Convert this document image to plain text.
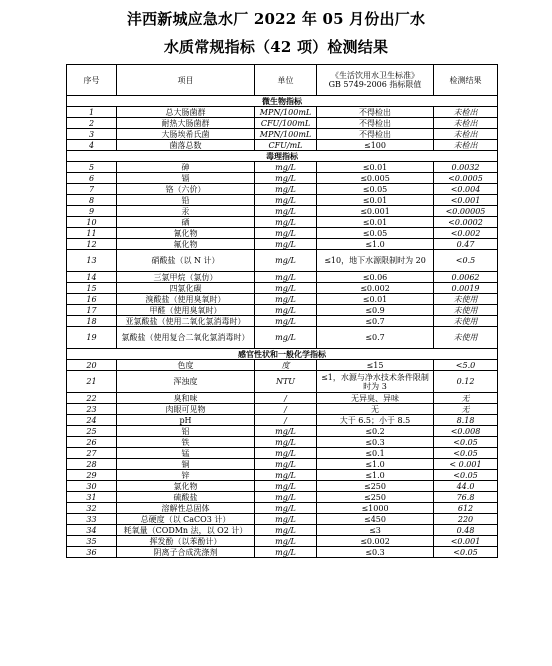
沣西新城应急水厂 2022 年 05 月份出厂水
水质常规指标（42 项）检测结果
序号	项目	单位	《生活饮用水卫生标准》
GB 5749-2006 指标限值	检测结果
微生物指标				
1	总大肠菌群	MPN/100mL	不得检出	未检出
2	耐热大肠菌群	CFU/100mL	不得检出	未检出
3	大肠埃希氏菌	MPN/100mL	不得检出	未检出
4	菌落总数	CFU/mL	≤100	未检出
毒理指标				
5	砷	mg/L	≤0.01	0.0032
6	镉	mg/L	≤0.005	<0.0005
7	铬（六价）	mg/L	≤0.05	<0.004
8	铅	mg/L	≤0.01	<0.001
9	汞	mg/L	≤0.001	<0.00005
10	硒	mg/L	≤0.01	<0.0002
11	氰化物	mg/L	≤0.05	<0.002
12	氟化物	mg/L	≤1.0	0.47
13	硝酸盐（以 N 计）	mg/L	≤10，地下水源限制时为 20	<0.5
14	三氯甲烷（氯仿）	mg/L	≤0.06	0.0062
15	四氯化碳	mg/L	≤0.002	0.0019
16	溴酸盐（使用臭氧时）	mg/L	≤0.01	未使用
17	甲醛（使用臭氧时）	mg/L	≤0.9	未使用
18	亚氯酸盐（使用二氧化氯消毒时）	mg/L	≤0.7	未使用
19	氯酸盐（使用复合二氧化氯消毒时）	mg/L	≤0.7	未使用
感官性状和一般化学指标				
20	色度	度	≤15	<5.0
21	浑浊度	NTU	≤1，水源与净水技术条件限制时为 3	0.12
22	臭和味	/	无异臭、异味	无
23	肉眼可见物	/	无	无
24	pH	/	大于 6.5；小于 8.5	8.18
25	铝	mg/L	≤0.2	<0.008
26	铁	mg/L	≤0.3	<0.05
27	锰	mg/L	≤0.1	<0.05
28	铜	mg/L	≤1.0	< 0.001
29	锌	mg/L	≤1.0	<0.05
30	氯化物	mg/L	≤250	44.0
31	硫酸盐	mg/L	≤250	76.8
32	溶解性总固体	mg/L	≤1000	612
33	总硬度（以 CaCO3 计）	mg/L	≤450	220
34	耗氧量（CODMn 法，以 O2 计）	mg/L	≤3	0.48
35	挥发酚（以苯酚计）	mg/L	≤0.002	<0.001
36	阴离子合成洗涤剂	mg/L	≤0.3	<0.05
